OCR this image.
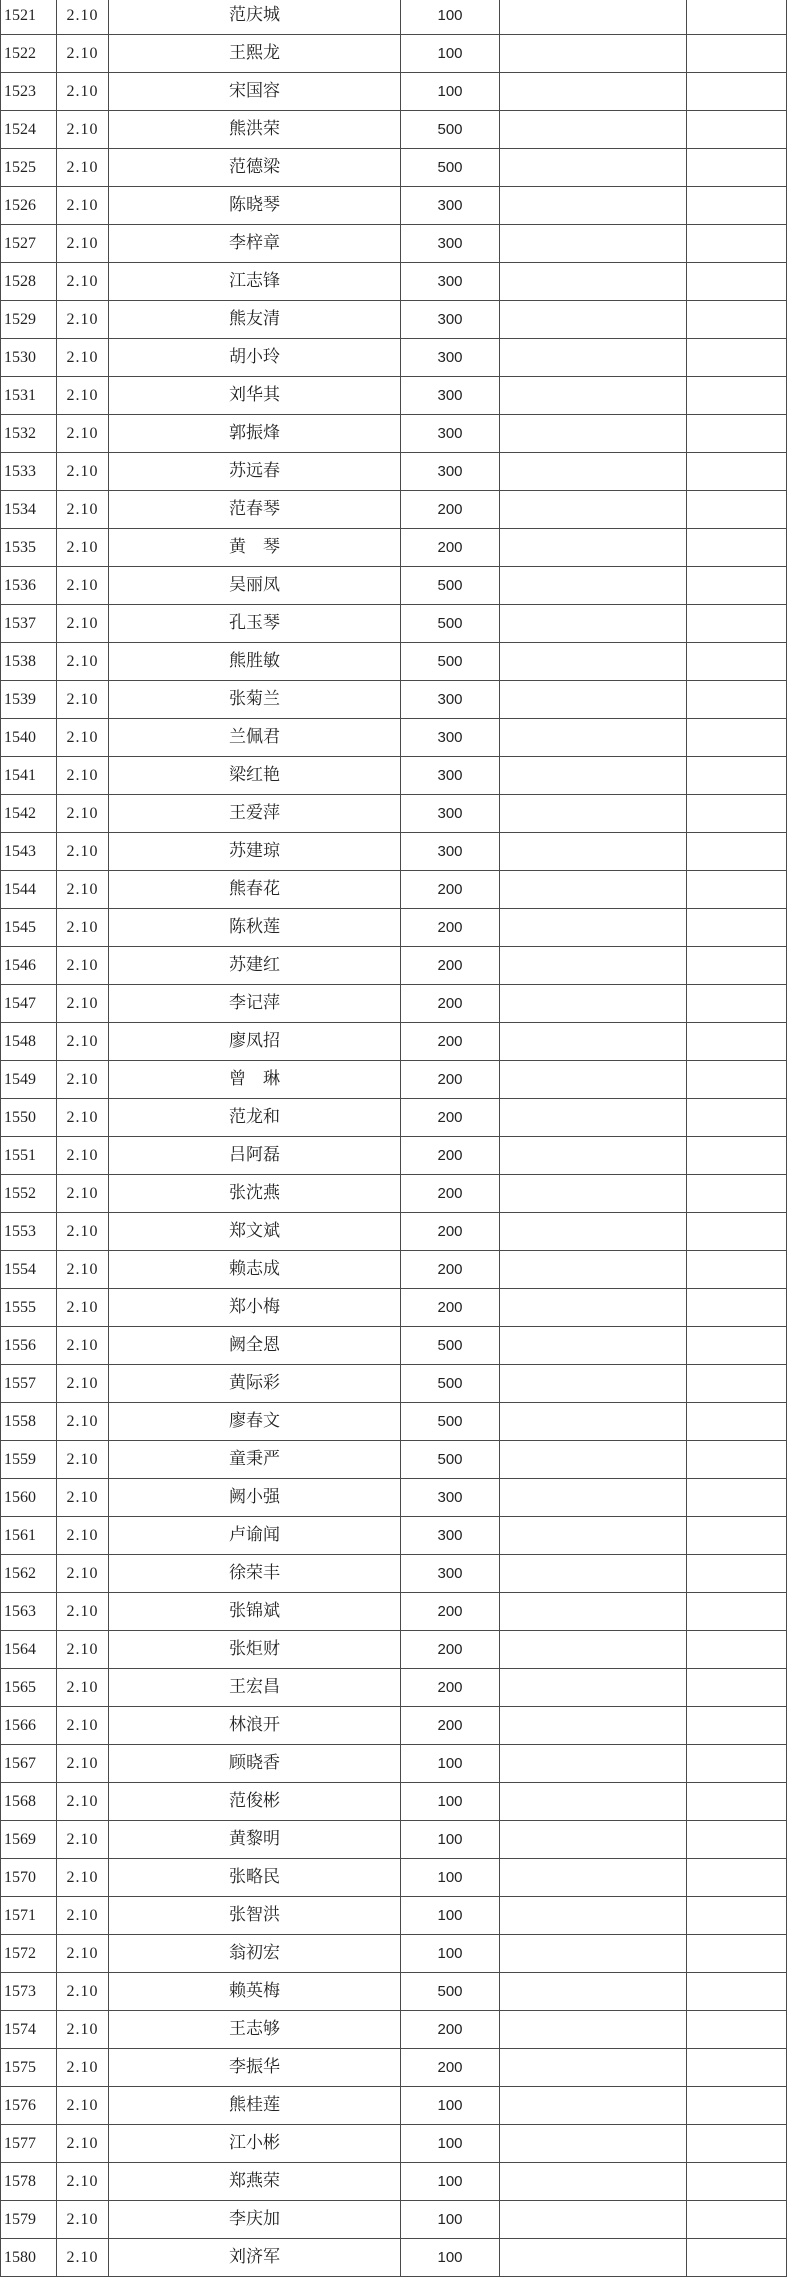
1521	2.10	范庆城	100		
1522	2.10	王熙龙	100		
1523	2.10	宋国容	100		
1524	2.10	熊洪荣	500		
1525	2.10	范德梁	500		
1526	2.10	陈晓琴	300		
1527	2.10	李梓章	300		
1528	2.10	江志锋	300		
1529	2.10	熊友清	300		
1530	2.10	胡小玲	300		
1531	2.10	刘华其	300		
1532	2.10	郭振烽	300		
1533	2.10	苏远春	300		
1534	2.10	范春琴	200		
1535	2.10	黄　琴	200		
1536	2.10	吴丽凤	500		
1537	2.10	孔玉琴	500		
1538	2.10	熊胜敏	500		
1539	2.10	张菊兰	300		
1540	2.10	兰佩君	300		
1541	2.10	梁红艳	300		
1542	2.10	王爱萍	300		
1543	2.10	苏建琼	300		
1544	2.10	熊春花	200		
1545	2.10	陈秋莲	200		
1546	2.10	苏建红	200		
1547	2.10	李记萍	200		
1548	2.10	廖凤招	200		
1549	2.10	曾　琳	200		
1550	2.10	范龙和	200		
1551	2.10	吕阿磊	200		
1552	2.10	张沈燕	200		
1553	2.10	郑文斌	200		
1554	2.10	赖志成	200		
1555	2.10	郑小梅	200		
1556	2.10	阙全恩	500		
1557	2.10	黄际彩	500		
1558	2.10	廖春文	500		
1559	2.10	童秉严	500		
1560	2.10	阙小强	300		
1561	2.10	卢谕闻	300		
1562	2.10	徐荣丰	300		
1563	2.10	张锦斌	200		
1564	2.10	张炬财	200		
1565	2.10	王宏昌	200		
1566	2.10	林浪开	200		
1567	2.10	顾晓香	100		
1568	2.10	范俊彬	100		
1569	2.10	黄黎明	100		
1570	2.10	张略民	100		
1571	2.10	张智洪	100		
1572	2.10	翁初宏	100		
1573	2.10	赖英梅	500		
1574	2.10	王志够	200		
1575	2.10	李振华	200		
1576	2.10	熊桂莲	100		
1577	2.10	江小彬	100		
1578	2.10	郑燕荣	100		
1579	2.10	李庆加	100		
1580	2.10	刘济军	100		
